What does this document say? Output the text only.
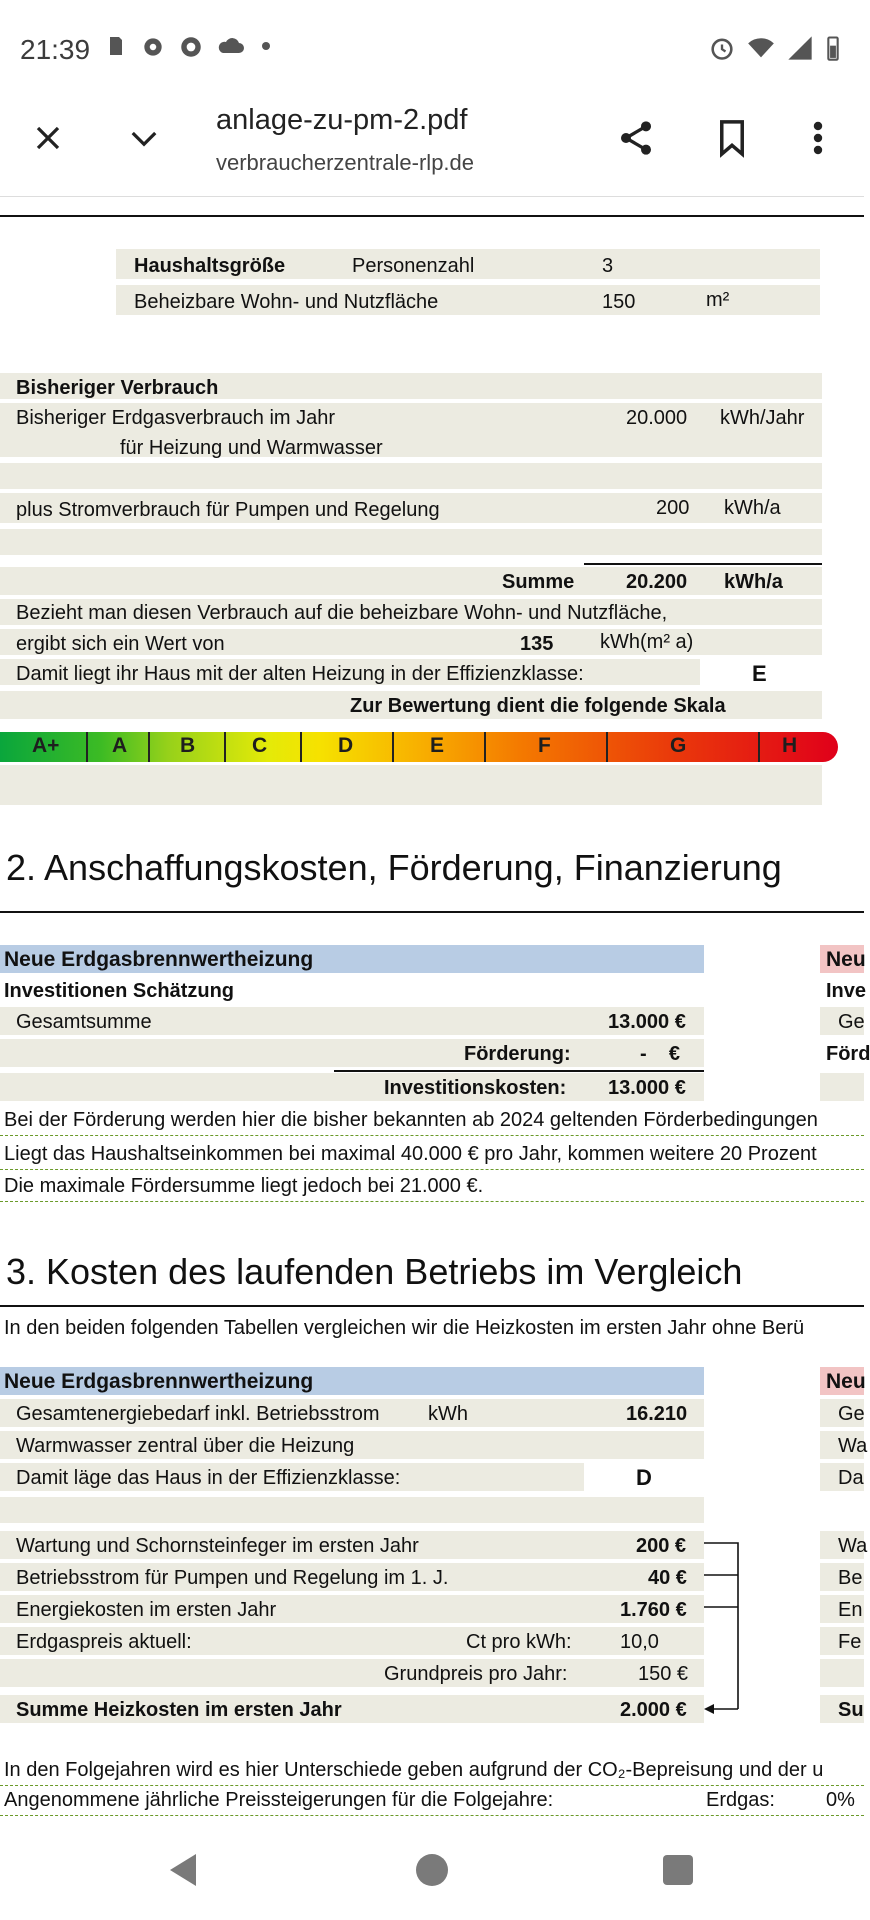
21:39
anlage-zu-pm-2.pdf
verbraucherzentrale-rlp.de
Haushaltsgröße	Personenzahl	3
Beheizbare Wohn- und Nutzfläche	150	m²
Bisheriger Verbrauch
Bisheriger Erdgasverbrauch im Jahr	20.000 kWh/Jahr
für Heizung und Warmwasser
plus Stromverbrauch für Pumpen und Regelung	200 kWh/a
Summe	20.200 kWh/a
Bezieht man diesen Verbrauch auf die beheizbare Wohn- und Nutzfläche,
ergibt sich ein Wert von	135 kWh(m² a)
Damit liegt ihr Haus mit der alten Heizung in der Effizienzklasse:	E
Zur Bewertung dient die folgende Skala
A+	A	B	C	D	E	F	G	H
2. Anschaffungskosten, Förderung, Finanzierung
Neue Erdgasbrennwertheizung	Neu
Investitionen Schätzung	Inve
Gesamtsumme	13.000 €	Ge
Förderung:	-    €	Förd
Investitionskosten: 13.000 €
Bei der Förderung werden hier die bisher bekannten ab 2024 geltenden Förderbedingungen
Liegt das Haushaltseinkommen bei maximal 40.000 € pro Jahr, kommen weitere 20 Prozent
Die maximale Fördersumme liegt jedoch bei 21.000 €.
3. Kosten des laufenden Betriebs im Vergleich
In den beiden folgenden Tabellen vergleichen wir die Heizkosten im ersten Jahr ohne Berü
Neue Erdgasbrennwertheizung	Neu
Gesamtenergiebedarf inkl. Betriebsstrom kWh	16.210	Ge
Warmwasser zentral über die Heizung	Wa
Damit läge das Haus in der Effizienzklasse:	D	Da
Wartung und Schornsteinfeger im ersten Jahr	200 €	Wa
Betriebsstrom für Pumpen und Regelung im 1. J.	40 €	Be
Energiekosten im ersten Jahr	1.760 €	En
Erdgaspreis aktuell:	Ct pro kWh: 10,0	Fe
Grundpreis pro Jahr:	150 €
Summe Heizkosten im ersten Jahr	2.000 €	Su
In den Folgejahren wird es hier Unterschiede geben aufgrund der CO₂-Bepreisung und der u
Angenommene jährliche Preissteigerungen für die Folgejahre:	Erdgas:	0%
